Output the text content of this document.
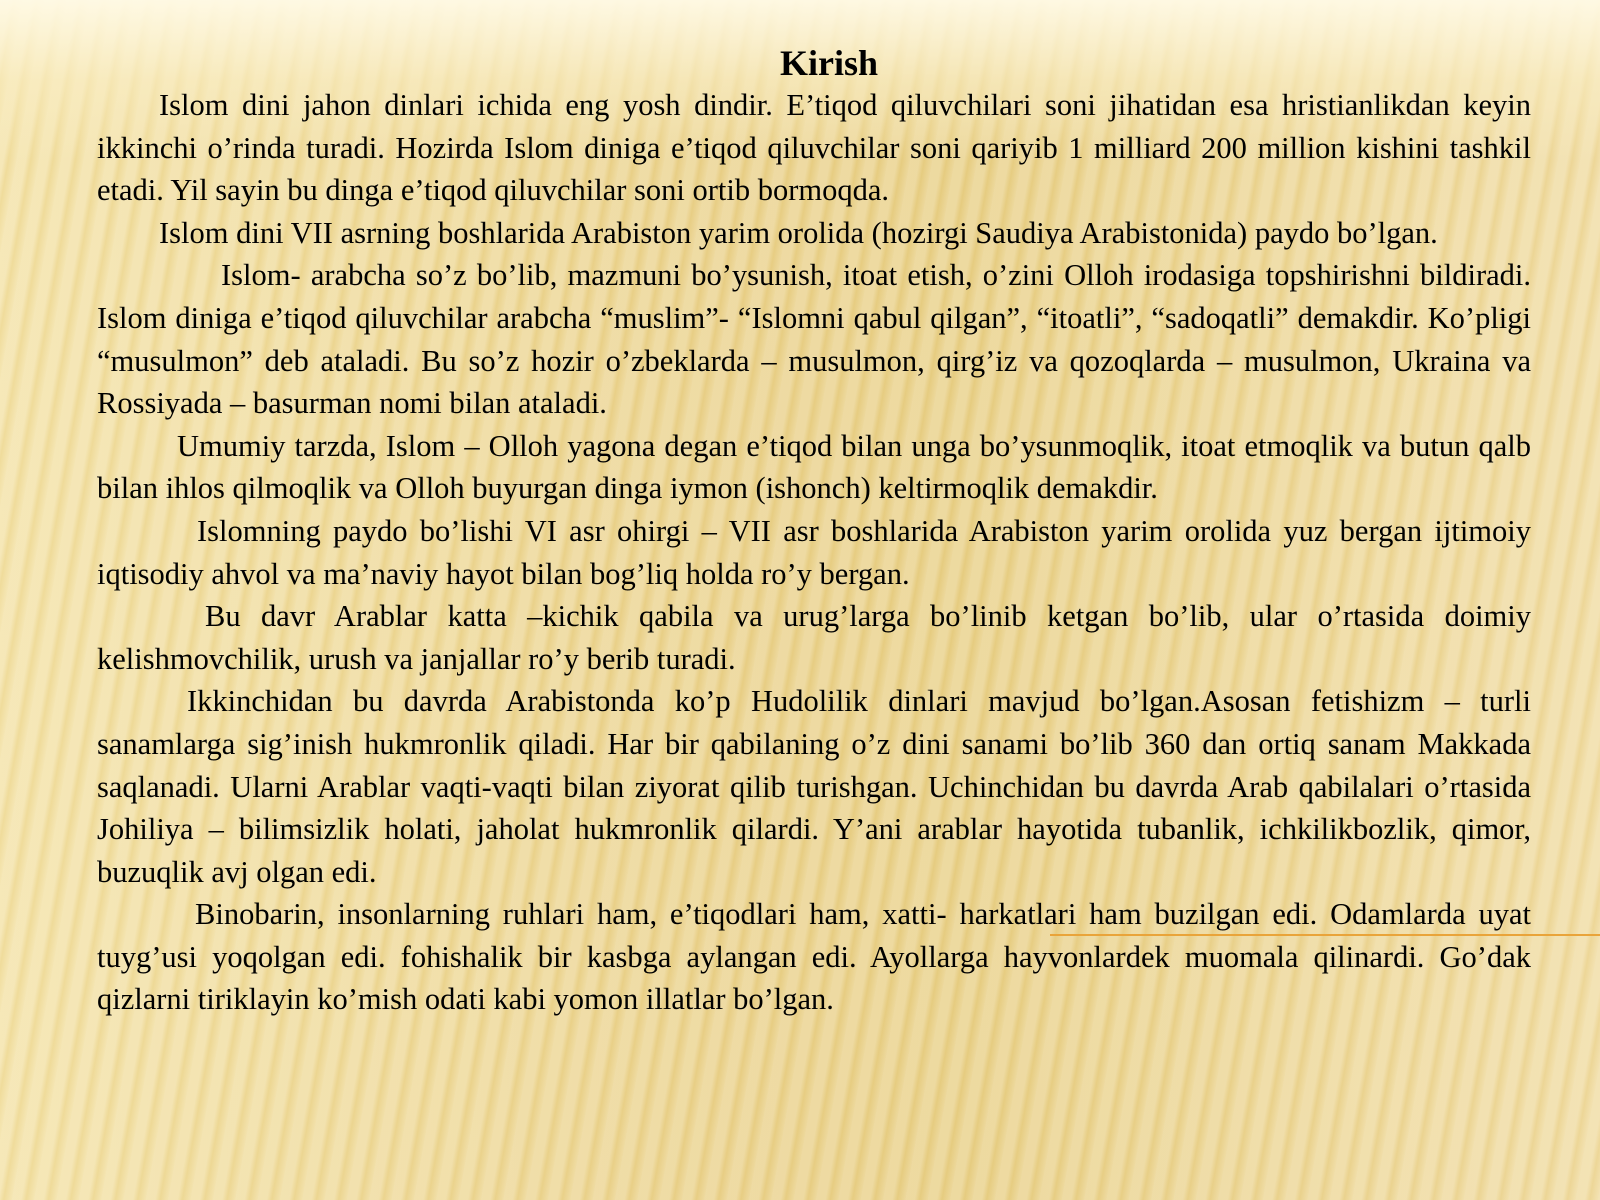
Kirish

Islom dini jahon dinlari ichida eng yosh dindir. E’tiqod qiluvchilari soni jihatidan esa hristianlikdan keyin ikkinchi o’rinda turadi. Hozirda Islom diniga e’tiqod qiluvchilar soni qariyib 1 milliard 200 million kishini tashkil etadi. Yil sayin bu dinga e’tiqod qiluvchilar soni ortib bormoqda.

Islom dini VII asrning boshlarida Arabiston yarim orolida (hozirgi Saudiya Arabistonida) paydo bo’lgan.

Islom- arabcha so’z bo’lib, mazmuni bo’ysunish, itoat etish, o’zini Olloh irodasiga topshirishni bildiradi. Islom diniga e’tiqod qiluvchilar arabcha “muslim”- “Islomni qabul qilgan”, “itoatli”, “sadoqatli” demakdir. Ko’pligi “musulmon” deb ataladi. Bu so’z hozir o’zbeklarda – musulmon, qirg’iz va qozoqlarda – musulmon, Ukraina va Rossiyada – basurman nomi bilan ataladi.

Umumiy tarzda, Islom – Olloh yagona degan e’tiqod bilan unga bo’ysunmoqlik, itoat etmoqlik va butun qalb bilan ihlos qilmoqlik va Olloh buyurgan dinga iymon (ishonch) keltirmoqlik demakdir.

Islomning paydo bo’lishi VI asr ohirgi – VII asr boshlarida Arabiston yarim orolida yuz bergan ijtimoiy iqtisodiy ahvol va ma’naviy hayot bilan bog’liq holda ro’y bergan.

Bu davr Arablar katta –kichik qabila va urug’larga bo’linib ketgan bo’lib, ular o’rtasida doimiy kelishmovchilik, urush va janjallar ro’y berib turadi.

Ikkinchidan bu davrda Arabistonda ko’p Hudolilik dinlari mavjud bo’lgan.Asosan fetishizm – turli sanamlarga sig’inish hukmronlik qiladi. Har bir qabilaning o’z dini sanami bo’lib 360 dan ortiq sanam Makkada saqlanadi. Ularni Arablar vaqti-vaqti bilan ziyorat qilib turishgan. Uchinchidan bu davrda Arab qabilalari o’rtasida Johiliya – bilimsizlik holati, jaholat hukmronlik qilardi. Y’ani arablar hayotida tubanlik, ichkilikbozlik, qimor, buzuqlik avj olgan edi.

Binobarin, insonlarning ruhlari ham, e’tiqodlari ham, xatti- harkatlari ham buzilgan edi. Odamlarda uyat tuyg’usi yoqolgan edi. fohishalik bir kasbga aylangan edi. Ayollarga hayvonlardek muomala qilinardi. Go’dak qizlarni tiriklayin ko’mish odati kabi yomon illatlar bo’lgan.
